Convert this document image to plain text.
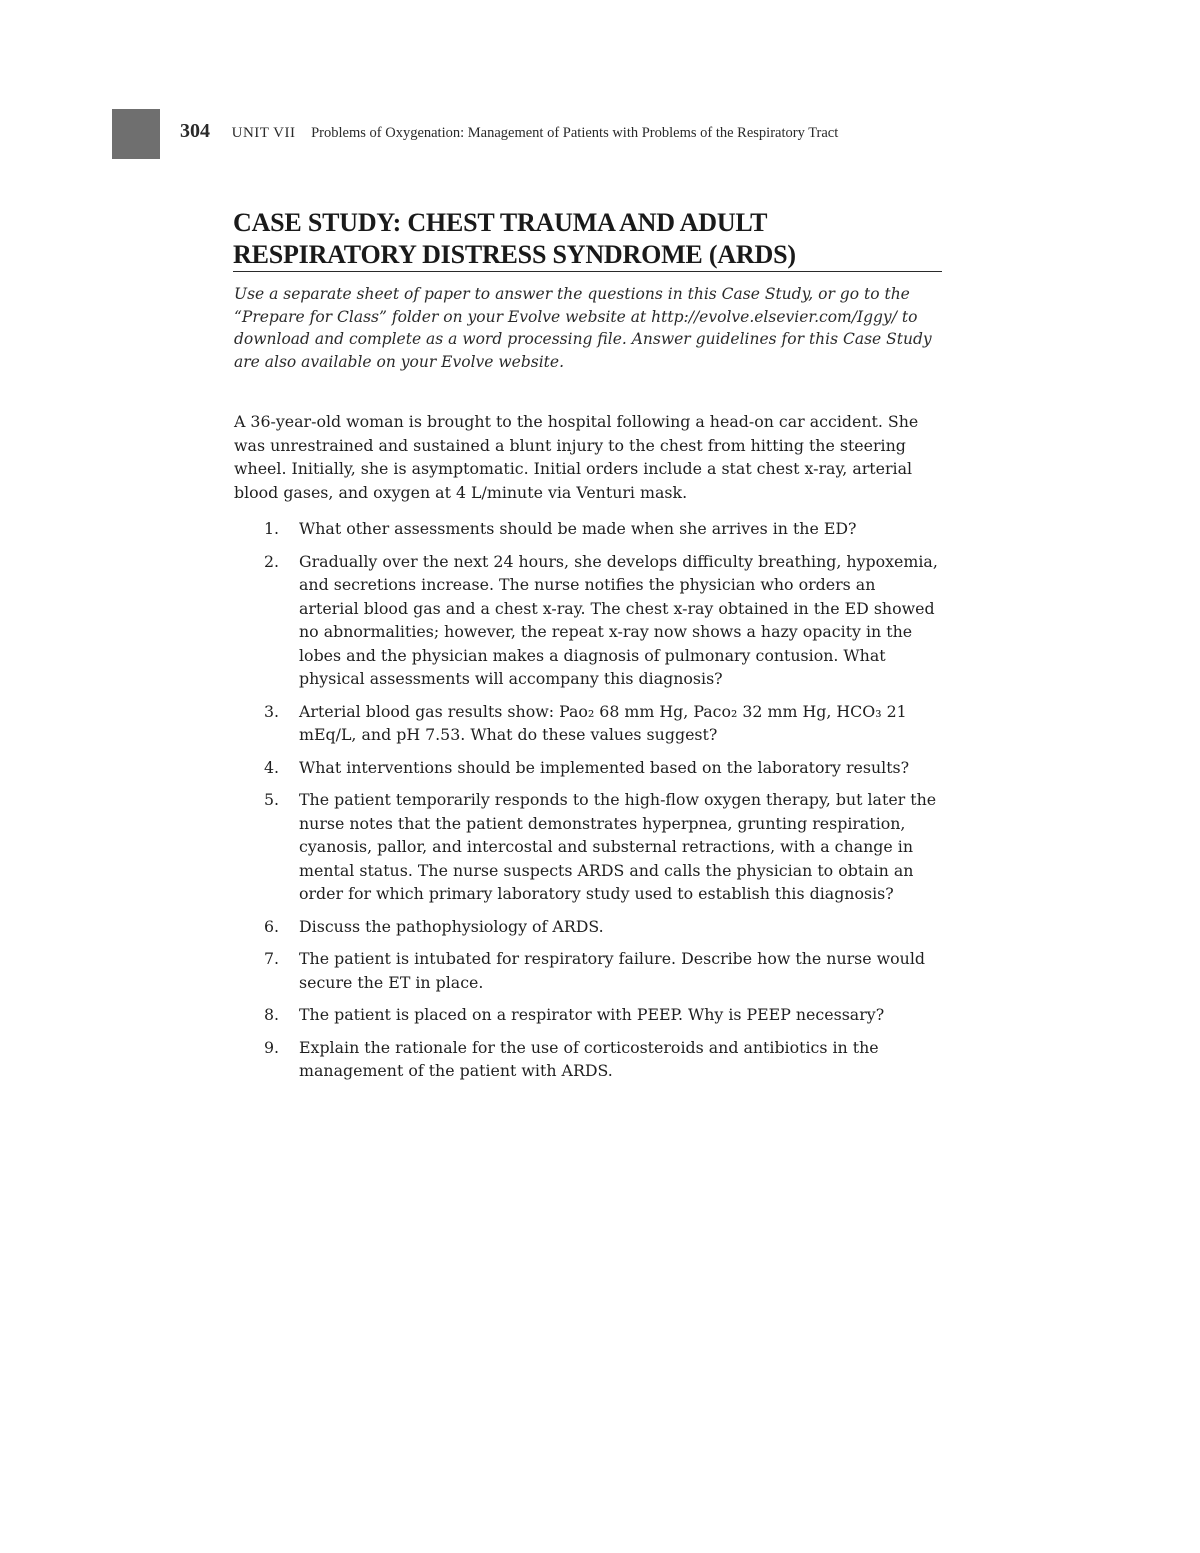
304 UNIT VII Problems of Oxygenation: Management of Patients with Problems of the Respiratory Tract
CASE STUDY: CHEST TRAUMA AND ADULT RESPIRATORY DISTRESS SYNDROME (ARDS)

Use a separate sheet of paper to answer the questions in this Case Study, or go to the “Prepare for Class” folder on your Evolve website at http://evolve.elsevier.com/Iggy/ to download and complete as a word processing file. Answer guidelines for this Case Study are also available on your Evolve website.

A 36-year-old woman is brought to the hospital following a head-on car accident. She was unrestrained and sustained a blunt injury to the chest from hitting the steering wheel. Initially, she is asymptomatic. Initial orders include a stat chest x-ray, arterial blood gases, and oxygen at 4 L/minute via Venturi mask.

1. What other assessments should be made when she arrives in the ED?
2. Gradually over the next 24 hours, she develops difficulty breathing, hypoxemia, and secretions increase. The nurse notifies the physician who orders an arterial blood gas and a chest x-ray. The chest x-ray obtained in the ED showed no abnormalities; however, the repeat x-ray now shows a hazy opacity in the lobes and the physician makes a diagnosis of pulmonary contusion. What physical assessments will accompany this diagnosis?
3. Arterial blood gas results show: Pao₂ 68 mm Hg, Paco₂ 32 mm Hg, HCO₃ 21 mEq/L, and pH 7.53. What do these values suggest?
4. What interventions should be implemented based on the laboratory results?
5. The patient temporarily responds to the high-flow oxygen therapy, but later the nurse notes that the patient demonstrates hyperpnea, grunting respiration, cyanosis, pallor, and intercostal and substernal retractions, with a change in mental status. The nurse suspects ARDS and calls the physician to obtain an order for which primary laboratory study used to establish this diagnosis?
6. Discuss the pathophysiology of ARDS.
7. The patient is intubated for respiratory failure. Describe how the nurse would secure the ET in place.
8. The patient is placed on a respirator with PEEP. Why is PEEP necessary?
9. Explain the rationale for the use of corticosteroids and antibiotics in the management of the patient with ARDS.
